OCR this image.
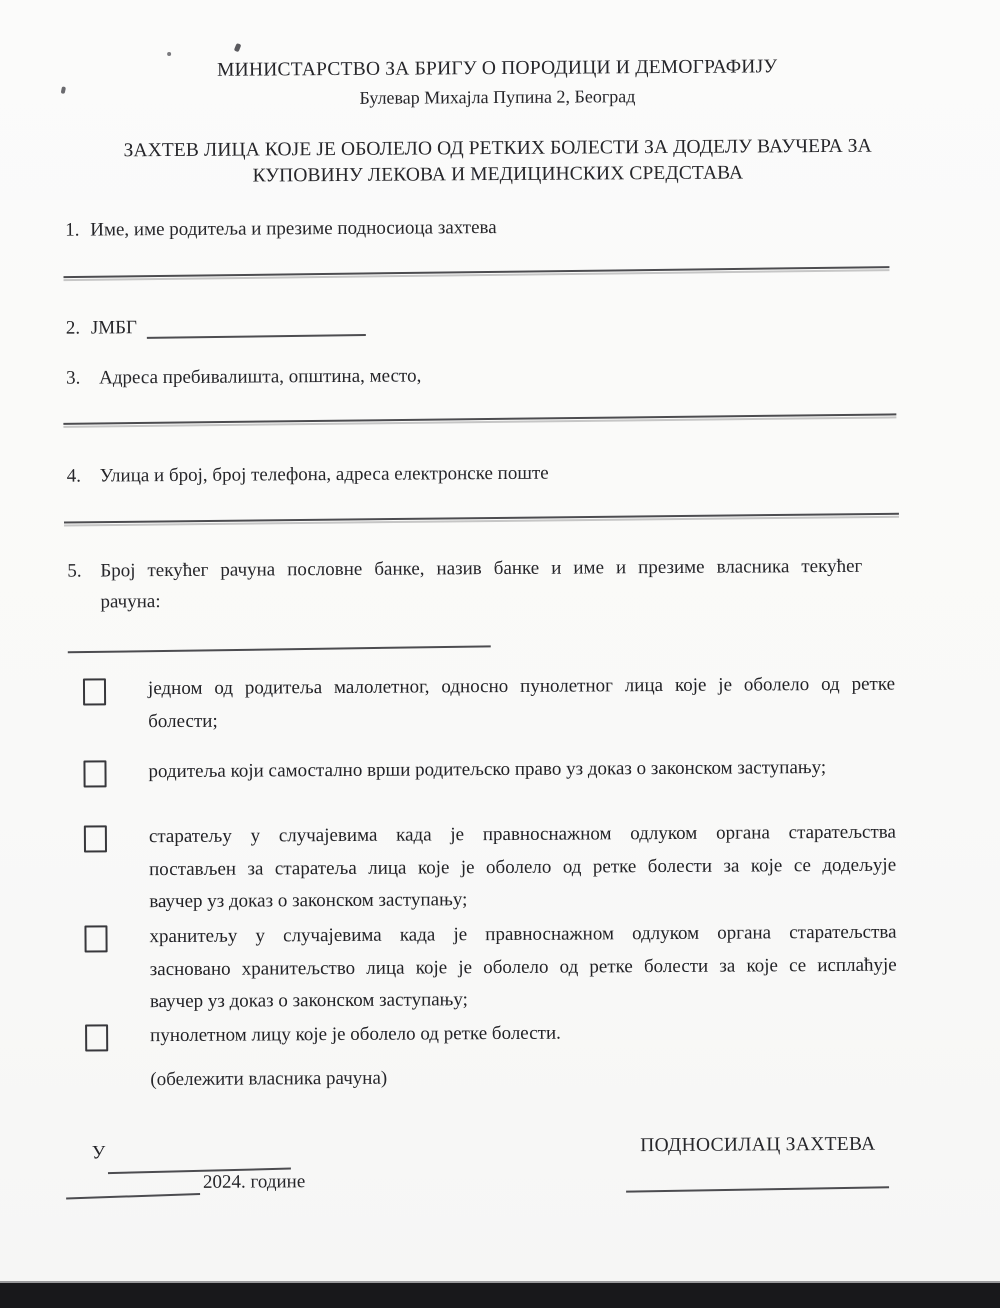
МИНИСТАРСТВО ЗА БРИГУ О ПОРОДИЦИ И ДЕМОГРАФИЈУ
Булевар Михајла Пупина 2, Београд
ЗАХТЕВ ЛИЦА КОЈЕ ЈЕ ОБОЛЕЛО ОД РЕТКИХ БОЛЕСТИ ЗА ДОДЕЛУ ВАУЧЕРА ЗА
КУПОВИНУ ЛЕКОВА И МЕДИЦИНСКИХ СРЕДСТАВА
1. Име, име родитеља и презиме подносиоца захтева
2. ЈМБГ
3. Адреса пребивалишта, општина, место,
4. Улица и број, број телефона, адреса електронске поште
5. Број текућег рачуна пословне банке, назив банке и име и презиме власника текућег
рачуна:
једном од родитеља малолетног, односно пунолетног лица које је оболело од ретке
болести;
родитеља који самостално врши родитељско право уз доказ о законском заступању;
старатељу у случајевима када је правноснажном одлуком органа старатељства
постављен за старатеља лица које је оболело од ретке болести за које се додељује
ваучер уз доказ о законском заступању;
хранитељу у случајевима када је правноснажном одлуком органа старатељства
засновано хранитељство лица које је оболело од ретке болести за које се исплаћује
ваучер уз доказ о законском заступању;
пунолетном лицу које је оболело од ретке болести.
(обележити власника рачуна)
У
2024. године
ПОДНОСИЛАЦ ЗАХТЕВА
